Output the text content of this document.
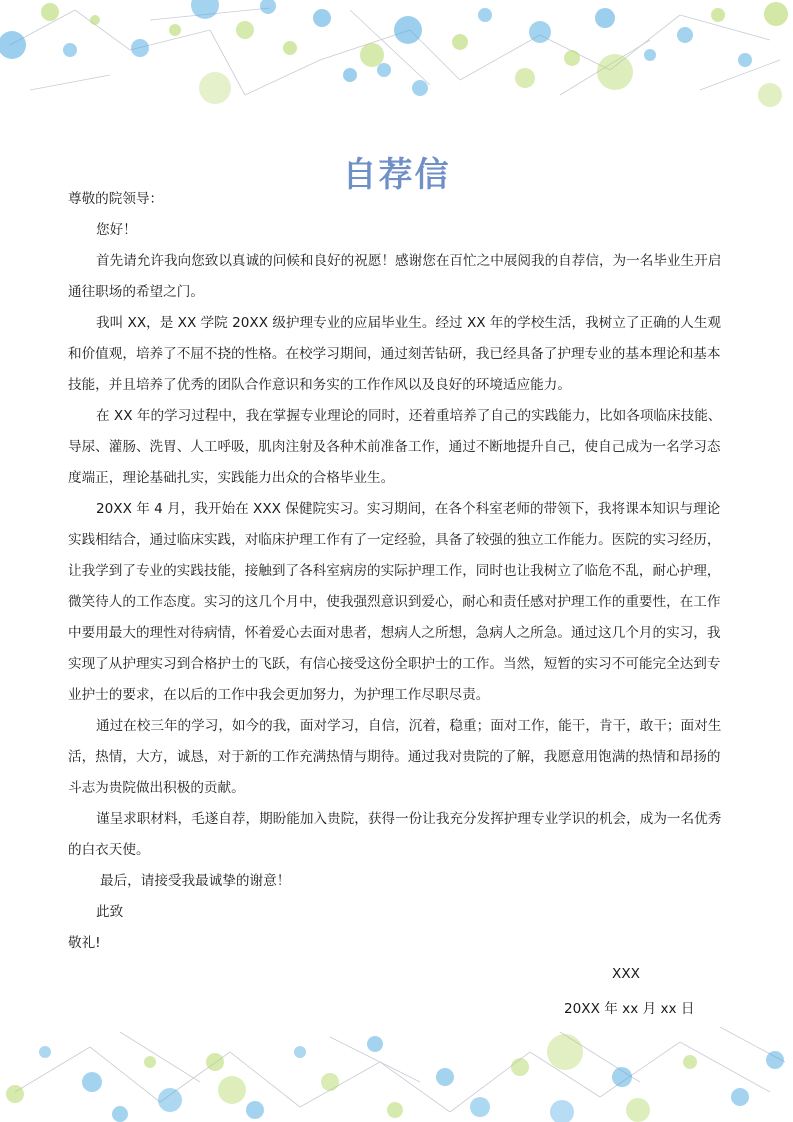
自荐信

尊敬的院领导：

您好！

首先请允许我向您致以真诚的问候和良好的祝愿！感谢您在百忙之中展阅我的自荐信，为一名毕业生开启通往职场的希望之门。

我叫 XX，是 XX 学院 20XX 级护理专业的应届毕业生。经过 XX 年的学校生活，我树立了正确的人生观和价值观，培养了不屈不挠的性格。在校学习期间，通过刻苦钻研，我已经具备了护理专业的基本理论和基本技能，并且培养了优秀的团队合作意识和务实的工作作风以及良好的环境适应能力。

在 XX 年的学习过程中，我在掌握专业理论的同时，还着重培养了自己的实践能力，比如各项临床技能、导尿、灌肠、洗胃、人工呼吸，肌肉注射及各种术前准备工作，通过不断地提升自己，使自己成为一名学习态度端正，理论基础扎实，实践能力出众的合格毕业生。

20XX 年 4 月，我开始在 XXX 保健院实习。实习期间，在各个科室老师的带领下，我将课本知识与理论实践相结合，通过临床实践，对临床护理工作有了一定经验，具备了较强的独立工作能力。医院的实习经历，让我学到了专业的实践技能，接触到了各科室病房的实际护理工作，同时也让我树立了临危不乱，耐心护理，微笑待人的工作态度。实习的这几个月中，使我强烈意识到爱心，耐心和责任感对护理工作的重要性，在工作中要用最大的理性对待病情，怀着爱心去面对患者，想病人之所想，急病人之所急。通过这几个月的实习，我实现了从护理实习到合格护士的飞跃，有信心接受这份全职护士的工作。当然，短暂的实习不可能完全达到专业护士的要求，在以后的工作中我会更加努力，为护理工作尽职尽责。

通过在校三年的学习，如今的我，面对学习，自信，沉着，稳重；面对工作，能干，肯干，敢干；面对生活，热情，大方，诚恳，对于新的工作充满热情与期待。通过我对贵院的了解，我愿意用饱满的热情和昂扬的斗志为贵院做出积极的贡献。

谨呈求职材料，毛遂自荐，期盼能加入贵院，获得一份让我充分发挥护理专业学识的机会，成为一名优秀的白衣天使。

最后，请接受我最诚挚的谢意！

此致

敬礼!

XXX
20XX 年 xx 月 xx 日
